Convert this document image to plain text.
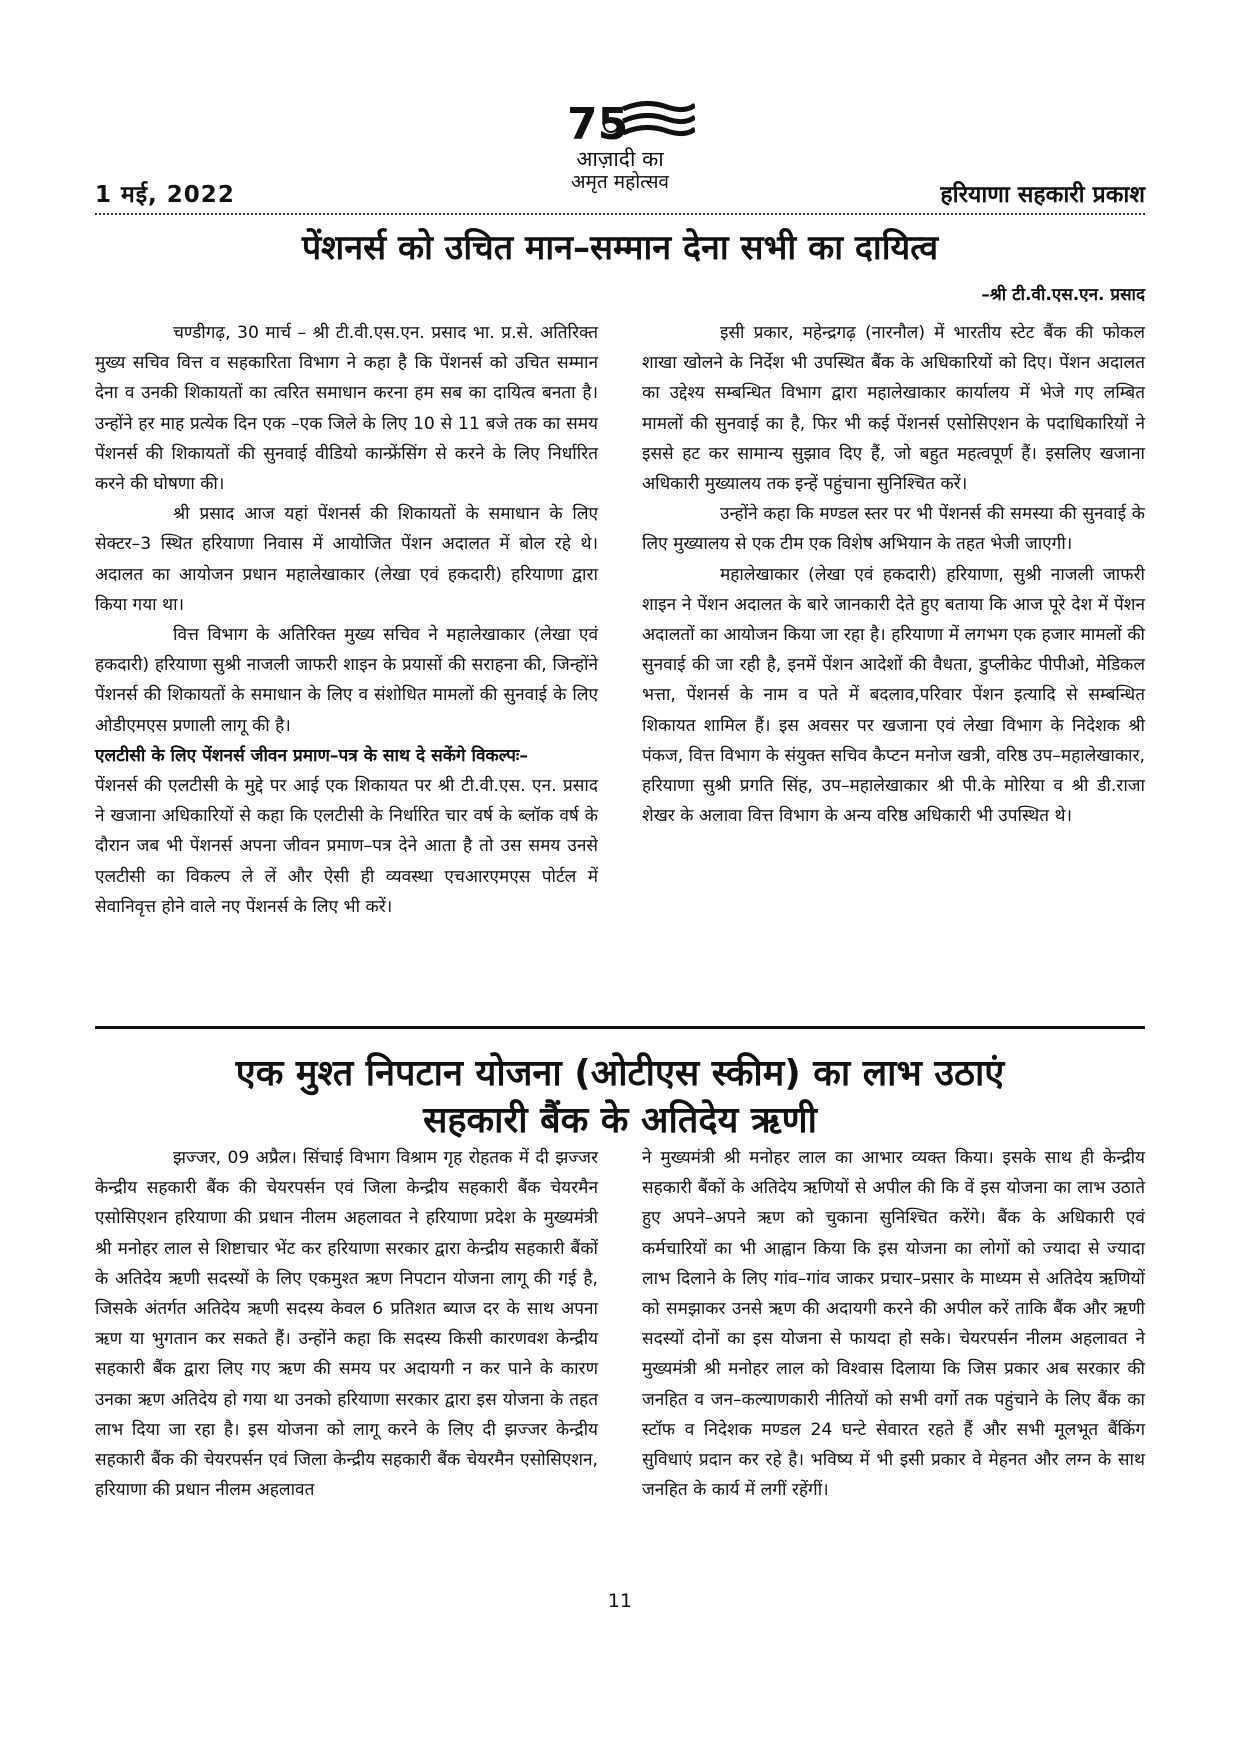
1 मई, 2022
75
आज़ादी का
अमृत महोत्सव	हरियाणा सहकारी प्रकाश
पेंशनर्स को उचित मान–सम्मान देना सभी का दायित्व
–श्री टी.वी.एस.एन. प्रसाद

चण्डीगढ़, 30 मार्च – श्री टी.वी.एस.एन. प्रसाद भा. प्र.से. अतिरिक्त मुख्य सचिव वित्त व सहकारिता विभाग ने कहा है कि पेंशनर्स को उचित सम्मान देना व उनकी शिकायतों का त्वरित समाधान करना हम सब का दायित्व बनता है। उन्होंने हर माह प्रत्येक दिन एक –एक जिले के लिए 10 से 11 बजे तक का समय पेंशनर्स की शिकायतों की सुनवाई वीडियो कान्फ्रेंसिंग से करने के लिए निर्धारित करने की घोषणा की।

श्री प्रसाद आज यहां पेंशनर्स की शिकायतों के समाधान के लिए सेक्टर–3 स्थित हरियाणा निवास में आयोजित पेंशन अदालत में बोल रहे थे। अदालत का आयोजन प्रधान महालेखाकार (लेखा एवं हकदारी) हरियाणा द्वारा किया गया था।

वित्त विभाग के अतिरिक्त मुख्य सचिव ने महालेखाकार (लेखा एवं हकदारी) हरियाणा सुश्री नाजली जाफरी शाइन के प्रयासों की सराहना की, जिन्होंने पेंशनर्स की शिकायतों के समाधान के लिए व संशोधित मामलों की सुनवाई के लिए ओडीएमएस प्रणाली लागू की है।

एलटीसी के लिए पेंशनर्स जीवन प्रमाण–पत्र के साथ दे सकेंगे विकल्पः–

पेंशनर्स की एलटीसी के मुद्दे पर आई एक शिकायत पर श्री टी.वी.एस. एन. प्रसाद ने खजाना अधिकारियों से कहा कि एलटीसी के निर्धारित चार वर्ष के ब्लॉक वर्ष के दौरान जब भी पेंशनर्स अपना जीवन प्रमाण–पत्र देने आता है तो उस समय उनसे एलटीसी का विकल्प ले लें और ऐसी ही व्यवस्था एचआरएमएस पोर्टल में सेवानिवृत्त होने वाले नए पेंशनर्स के लिए भी करें।

इसी प्रकार, महेन्द्रगढ़ (नारनौल) में भारतीय स्टेट बैंक की फोकल शाखा खोलने के निर्देश भी उपस्थित बैंक के अधिकारियों को दिए। पेंशन अदालत का उद्देश्य सम्बन्धित विभाग द्वारा महालेखाकार कार्यालय में भेजे गए लम्बित मामलों की सुनवाई का है, फिर भी कई पेंशनर्स एसोसिएशन के पदाधिकारियों ने इससे हट कर सामान्य सुझाव दिए हैं, जो बहुत महत्वपूर्ण हैं। इसलिए खजाना अधिकारी मुख्यालय तक इन्हें पहुंचाना सुनिश्चित करें।

उन्होंने कहा कि मण्डल स्तर पर भी पेंशनर्स की समस्या की सुनवाई के लिए मुख्यालय से एक टीम एक विशेष अभियान के तहत भेजी जाएगी।

महालेखाकार (लेखा एवं हकदारी) हरियाणा, सुश्री नाजली जाफरी शाइन ने पेंशन अदालत के बारे जानकारी देते हुए बताया कि आज पूरे देश में पेंशन अदालतों का आयोजन किया जा रहा है। हरियाणा में लगभग एक हजार मामलों की सुनवाई की जा रही है, इनमें पेंशन आदेशों की वैधता, डुप्लीकेट पीपीओ, मेडिकल भत्ता, पेंशनर्स के नाम व पते में बदलाव,परिवार पेंशन इत्यादि से सम्बन्धित शिकायत शामिल हैं। इस अवसर पर खजाना एवं लेखा विभाग के निदेशक श्री पंकज, वित्त विभाग के संयुक्त सचिव कैप्टन मनोज खत्री, वरिष्ठ उप–महालेखाकार, हरियाणा सुश्री प्रगति सिंह, उप–महालेखाकार श्री पी.के मोरिया व श्री डी.राजा शेखर के अलावा वित्त विभाग के अन्य वरिष्ठ अधिकारी भी उपस्थित थे।

एक मुश्त निपटान योजना (ओटीएस स्कीम) का लाभ उठाएं
सहकारी बैंक के अतिदेय ऋणी

झज्जर, 09 अप्रैल। सिंचाई विभाग विश्राम गृह रोहतक में दी झज्जर केन्द्रीय सहकारी बैंक की चेयरपर्सन एवं जिला केन्द्रीय सहकारी बैंक चेयरमैन एसोसिएशन हरियाणा की प्रधान नीलम अहलावत ने हरियाणा प्रदेश के मुख्यमंत्री श्री मनोहर लाल से शिष्टाचार भेंट कर हरियाणा सरकार द्वारा केन्द्रीय सहकारी बैंकों के अतिदेय ऋणी सदस्यों के लिए एकमुश्त ऋण निपटान योजना लागू की गई है, जिसके अंतर्गत अतिदेय ऋणी सदस्य केवल 6 प्रतिशत ब्याज दर के साथ अपना ऋण या भुगतान कर सकते हैं। उन्होंने कहा कि सदस्य किसी कारणवश केन्द्रीय सहकारी बैंक द्वारा लिए गए ऋण की समय पर अदायगी न कर पाने के कारण उनका ऋण अतिदेय हो गया था उनको हरियाणा सरकार द्वारा इस योजना के तहत लाभ दिया जा रहा है। इस योजना को लागू करने के लिए दी झज्जर केन्द्रीय सहकारी बैंक की चेयरपर्सन एवं जिला केन्द्रीय सहकारी बैंक चेयरमैन एसोसिएशन, हरियाणा की प्रधान नीलम अहलावत

ने मुख्यमंत्री श्री मनोहर लाल का आभार व्यक्त किया। इसके साथ ही केन्द्रीय सहकारी बैंकों के अतिदेय ऋणियों से अपील की कि वें इस योजना का लाभ उठाते हुए अपने–अपने ऋण को चुकाना सुनिश्चित करेंगे। बैंक के अधिकारी एवं कर्मचारियों का भी आह्वान किया कि इस योजना का लोगों को ज्यादा से ज्यादा लाभ दिलाने के लिए गांव–गांव जाकर प्रचार–प्रसार के माध्यम से अतिदेय ऋणियों को समझाकर उनसे ऋण की अदायगी करने की अपील करें ताकि बैंक और ऋणी सदस्यों दोनों का इस योजना से फायदा हो सके। चेयरपर्सन नीलम अहलावत ने मुख्यमंत्री श्री मनोहर लाल को विश्वास दिलाया कि जिस प्रकार अब सरकार की जनहित व जन–कल्याणकारी नीतियों को सभी वर्गो तक पहुंचाने के लिए बैंक का स्टॉफ व निदेशक मण्डल 24 घन्टे सेवारत रहते हैं और सभी मूलभूत बैंकिंग सुविधाएं प्रदान कर रहे है। भविष्य में भी इसी प्रकार वे मेहनत और लग्न के साथ जनहित के कार्य में लगीं रहेंगीं।

11
